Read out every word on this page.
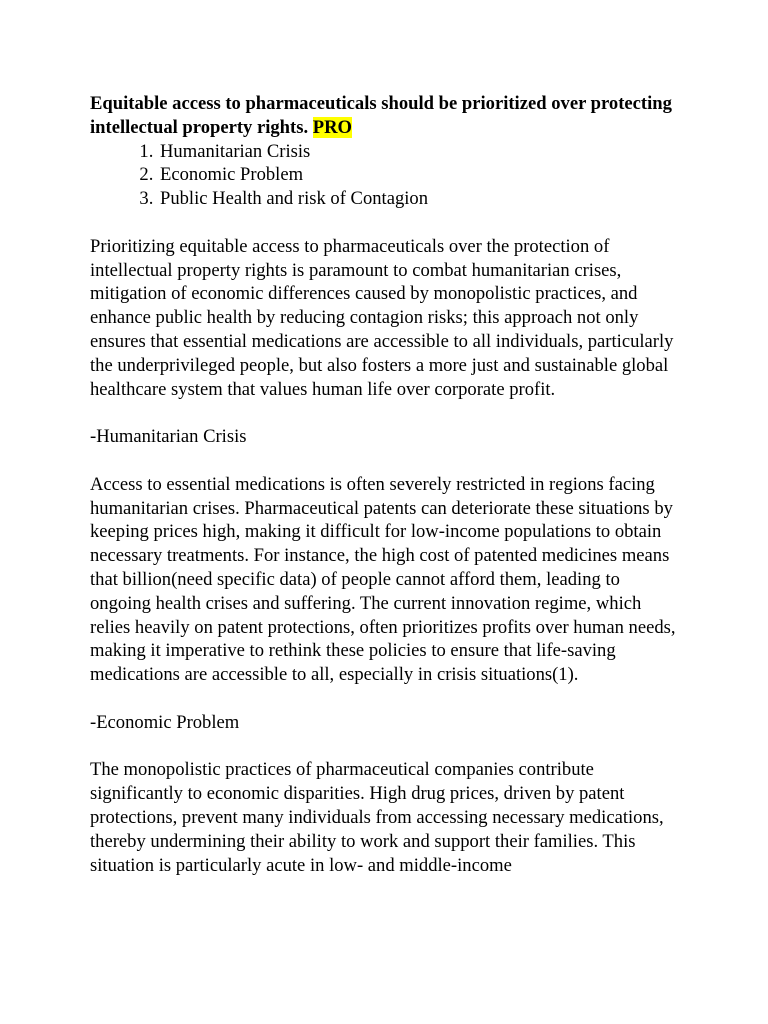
Equitable access to pharmaceuticals should be prioritized over protecting intellectual property rights. PRO

1. Humanitarian Crisis
2. Economic Problem
3. Public Health and risk of Contagion

Prioritizing equitable access to pharmaceuticals over the protection of intellectual property rights is paramount to combat humanitarian crises, mitigation of economic differences caused by monopolistic practices, and enhance public health by reducing contagion risks; this approach not only ensures that essential medications are accessible to all individuals, particularly the underprivileged people, but also fosters a more just and sustainable global healthcare system that values human life over corporate profit.

-Humanitarian Crisis

Access to essential medications is often severely restricted in regions facing humanitarian crises. Pharmaceutical patents can deteriorate these situations by keeping prices high, making it difficult for low-income populations to obtain necessary treatments. For instance, the high cost of patented medicines means that billion(need specific data) of people cannot afford them, leading to ongoing health crises and suffering. The current innovation regime, which relies heavily on patent protections, often prioritizes profits over human needs, making it imperative to rethink these policies to ensure that life-saving medications are accessible to all, especially in crisis situations(1).

-Economic Problem

The monopolistic practices of pharmaceutical companies contribute significantly to economic disparities. High drug prices, driven by patent protections, prevent many individuals from accessing necessary medications, thereby undermining their ability to work and support their families. This situation is particularly acute in low- and middle-income
